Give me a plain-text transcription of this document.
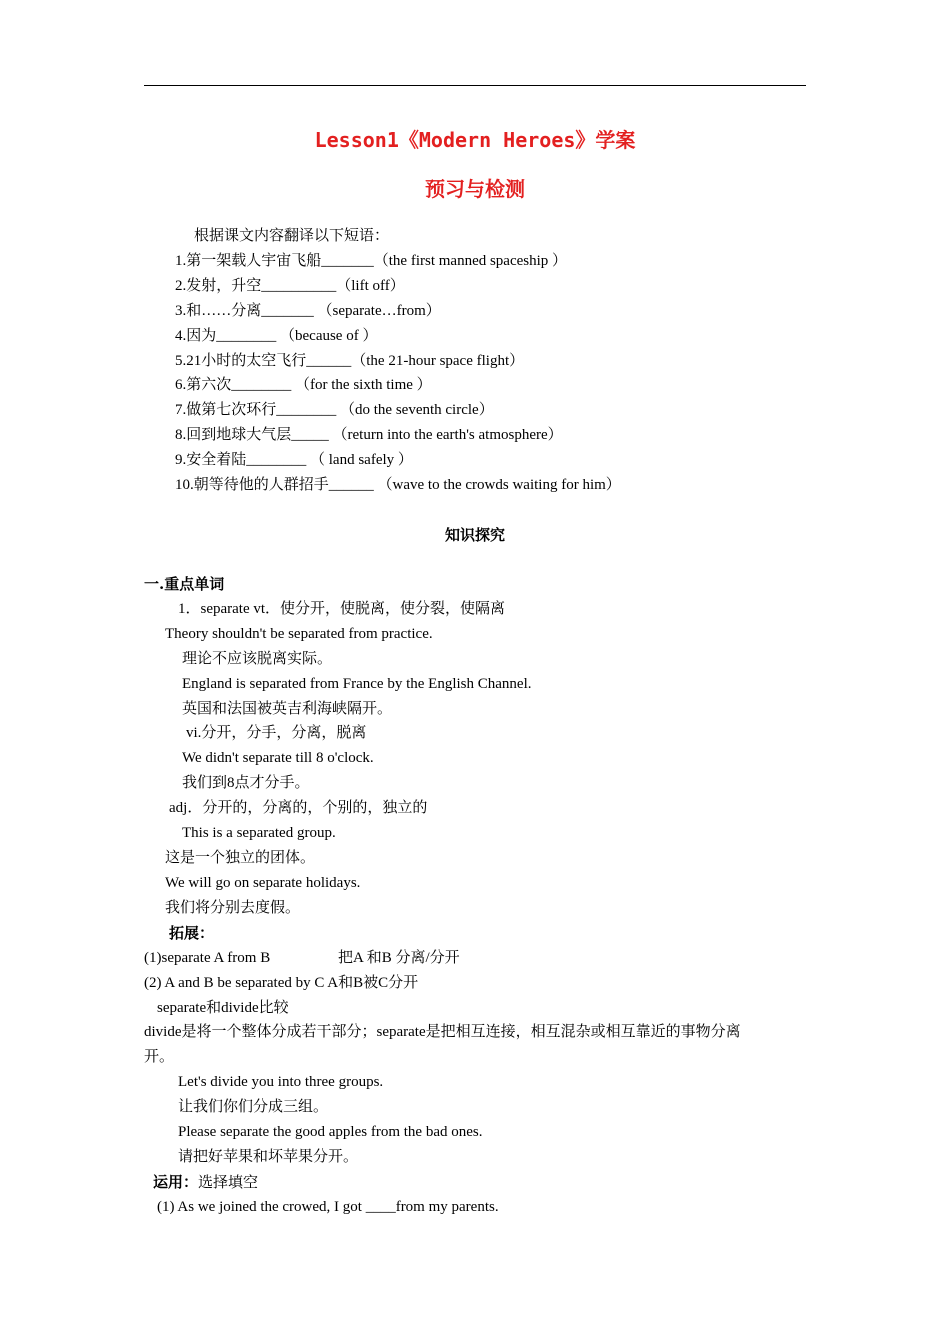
Lesson1《Modern Heroes》学案
预习与检测
根据课文内容翻译以下短语：
1.第一架载人宇宙飞船_______（the first manned spaceship ）
2.发射，升空__________（lift off）
3.和……分离_______ （separate…from）
4.因为________ （because of ）
5.21小时的太空飞行______（the 21-hour space flight）
6.第六次________ （for the sixth time ）
7.做第七次环行________ （do the seventh circle）
8.回到地球大气层_____ （return into the earth's atmosphere）
9.安全着陆________ （ land safely ）
10.朝等待他的人群招手______ （wave to the crowds waiting for him）
知识探究
一.重点单词
1．separate vt．使分开，使脱离，使分裂，使隔离
Theory shouldn't be separated from practice.
理论不应该脱离实际。
England is separated from France by the English Channel.
英国和法国被英吉利海峡隔开。
vi.分开，分手，分离，脱离
We didn't separate till 8 o'clock.
我们到8点才分手。
adj．分开的，分离的，个别的，独立的
This is a separated group.
这是一个独立的团体。
We will go on separate holidays.
我们将分别去度假。
拓展：
(1)separate A from B	把A 和B 分离/分开
(2) A and B be separated by C A和B被C分开
separate和divide比较
divide是将一个整体分成若干部分；separate是把相互连接，相互混杂或相互靠近的事物分离
开。
Let's divide you into three groups.
让我们你们分成三组。
Please separate the good apples from the bad ones.
请把好苹果和坏苹果分开。
运用：选择填空
(1) As we joined the crowed, I got ____from my parents.
